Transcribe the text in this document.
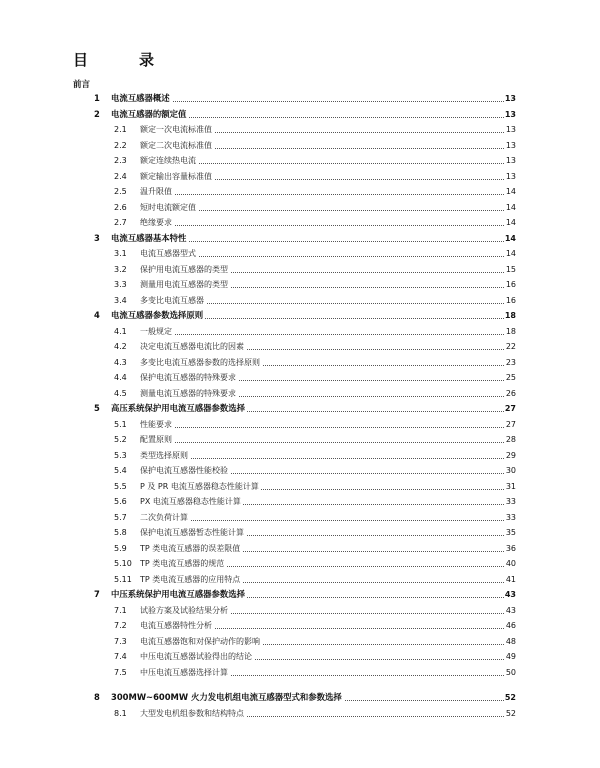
目　录
前言
1 电流互感器概述	13
2 电流互感器的额定值	13
2.1 额定一次电流标准值	13
2.2 额定二次电流标准值	13
2.3 额定连续热电流	13
2.4 额定输出容量标准值	13
2.5 温升限值	14
2.6 短时电流额定值	14
2.7 绝缘要求	14
3 电流互感器基本特性	14
3.1 电流互感器型式	14
3.2 保护用电流互感器的类型	15
3.3 测量用电流互感器的类型	16
3.4 多变比电流互感器	16
4 电流互感器参数选择原则	18
4.1 一般规定	18
4.2 决定电流互感器电流比的因素	22
4.3 多变比电流互感器参数的选择原则	23
4.4 保护电流互感器的特殊要求	25
4.5 测量电流互感器的特殊要求	26
5 高压系统保护用电流互感器参数选择	27
5.1 性能要求	27
5.2 配置原则	28
5.3 类型选择原则	29
5.4 保护电流互感器性能校验	30
5.5 P 及 PR 电流互感器稳态性能计算	31
5.6 PX 电流互感器稳态性能计算	33
5.7 二次负荷计算	33
5.8 保护电流互感器暂态性能计算	35
5.9 TP 类电流互感器的误差限值	36
5.10 TP 类电流互感器的规范	40
5.11 TP 类电流互感器的应用特点	41
7 中压系统保护用电流互感器参数选择	43
7.1 试验方案及试验结果分析	43
7.2 电流互感器特性分析	46
7.3 电流互感器饱和对保护动作的影响	48
7.4 中压电流互感器试验得出的结论	49
7.5 中压电流互感器选择计算	50
8 300MW~600MW 火力发电机组电流互感器型式和参数选择	52
8.1 大型发电机组参数和结构特点	52
